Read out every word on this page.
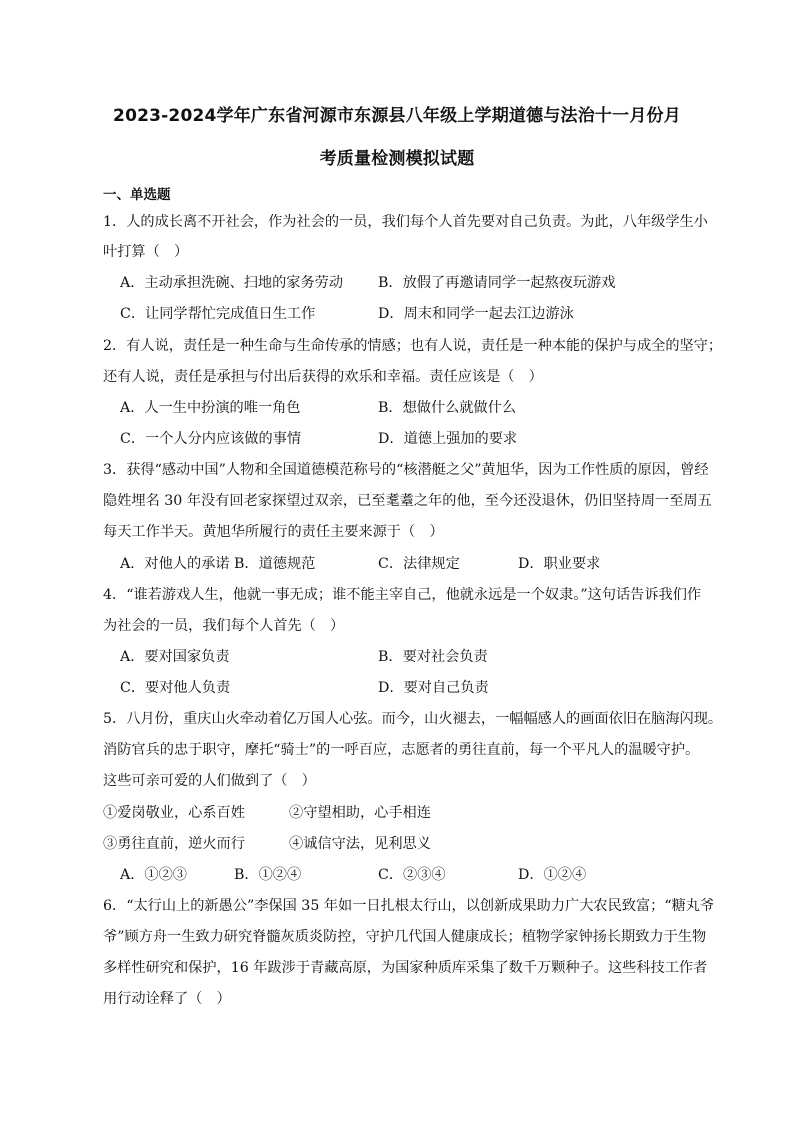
2023-2024学年广东省河源市东源县八年级上学期道德与法治十一月份月
考质量检测模拟试题
一、单选题
1．人的成长离不开社会，作为社会的一员，我们每个人首先要对自己负责。为此，八年级学生小
叶打算（　）
A．主动承担洗碗、扫地的家务劳动 B．放假了再邀请同学一起熬夜玩游戏
C．让同学帮忙完成值日生工作	D．周末和同学一起去江边游泳
2．有人说，责任是一种生命与生命传承的情感；也有人说，责任是一种本能的保护与成全的坚守；
还有人说，责任是承担与付出后获得的欢乐和幸福。责任应该是（　）
A．人一生中扮演的唯一角色	B．想做什么就做什么
C．一个人分内应该做的事情	D．道德上强加的要求
3．获得“感动中国”人物和全国道德模范称号的“核潜艇之父”黄旭华，因为工作性质的原因，曾经
隐姓埋名 30 年没有回老家探望过双亲，已至耄耋之年的他，至今还没退休，仍旧坚持周一至周五
每天工作半天。黄旭华所履行的责任主要来源于（　）
A．对他人的承诺 B．道德规范	C．法律规定	D．职业要求
4．“谁若游戏人生，他就一事无成；谁不能主宰自己，他就永远是一个奴隶。”这句话告诉我们作
为社会的一员，我们每个人首先（　）
A．要对国家负责	B．要对社会负责
C．要对他人负责	D．要对自己负责
5．八月份，重庆山火牵动着亿万国人心弦。而今，山火褪去，一幅幅感人的画面依旧在脑海闪现。
消防官兵的忠于职守，摩托“骑士”的一呼百应，志愿者的勇往直前，每一个平凡人的温暖守护。
这些可亲可爱的人们做到了（　）
①爱岗敬业，心系百姓	②守望相助，心手相连
③勇往直前，逆火而行	④诚信守法，见利思义
A．①②③	B．①②④	C．②③④	D．①②④
6．“太行山上的新愚公”李保国 35 年如一日扎根太行山，以创新成果助力广大农民致富；“糖丸爷
爷”顾方舟一生致力研究脊髓灰质炎防控，守护几代国人健康成长；植物学家钟扬长期致力于生物
多样性研究和保护，16 年跋涉于青藏高原，为国家种质库采集了数千万颗种子。这些科技工作者
用行动诠释了（　）
